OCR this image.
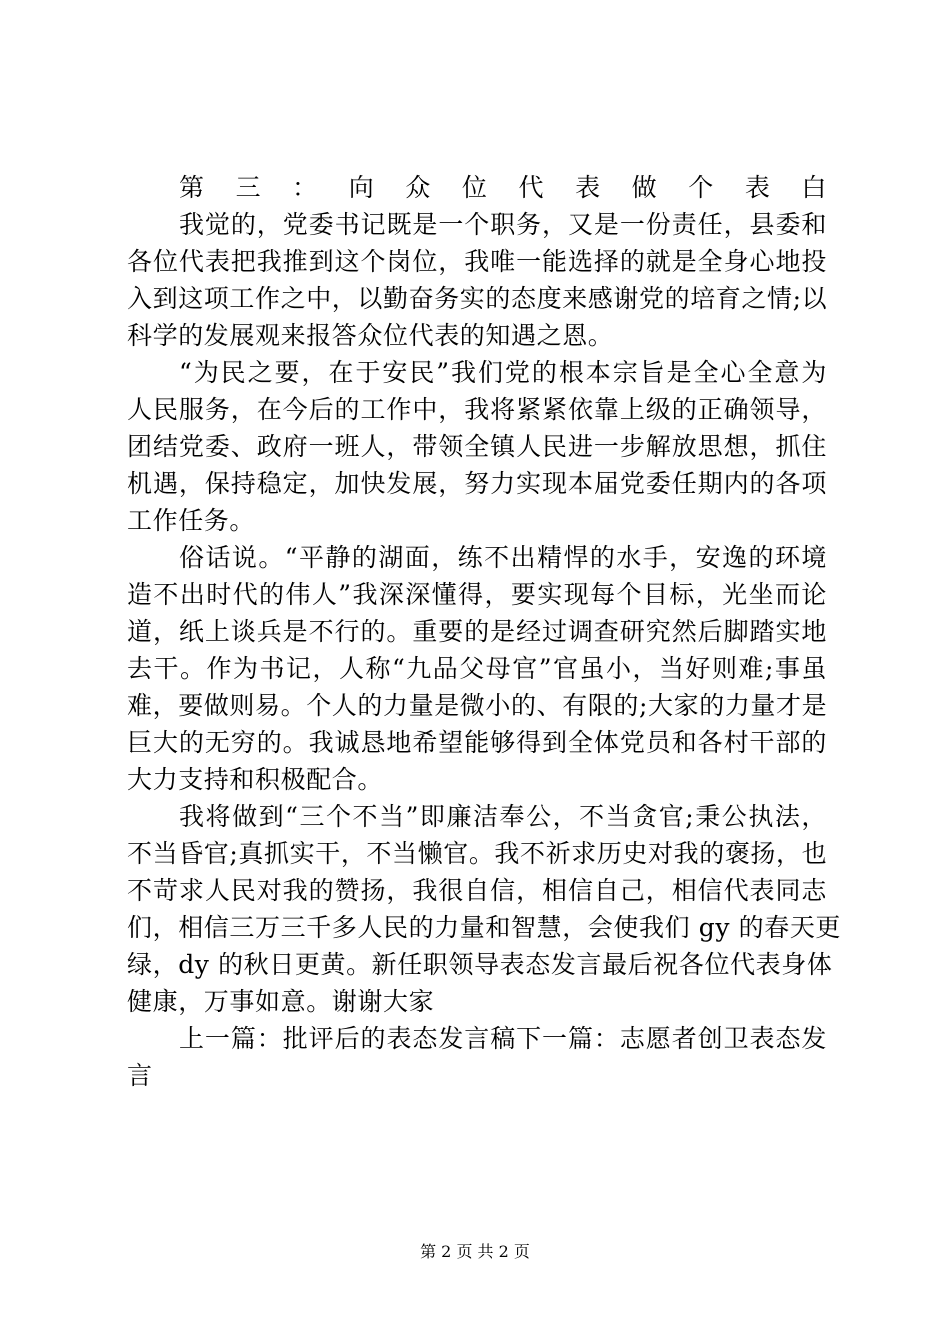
第三：向众位代表做个表白
我觉的，党委书记既是一个职务，又是一份责任，县委和
各位代表把我推到这个岗位，我唯一能选择的就是全身心地投
入到这项工作之中，以勤奋务实的态度来感谢党的培育之情;以
科学的发展观来报答众位代表的知遇之恩。
“为民之要，在于安民”我们党的根本宗旨是全心全意为
人民服务，在今后的工作中，我将紧紧依靠上级的正确领导，
团结党委、政府一班人，带领全镇人民进一步解放思想，抓住
机遇，保持稳定，加快发展，努力实现本届党委任期内的各项
工作任务。
俗话说。“平静的湖面，练不出精悍的水手，安逸的环境
造不出时代的伟人”我深深懂得，要实现每个目标，光坐而论
道，纸上谈兵是不行的。重要的是经过调查研究然后脚踏实地
去干。作为书记，人称“九品父母官”官虽小，当好则难;事虽
难，要做则易。个人的力量是微小的、有限的;大家的力量才是
巨大的无穷的。我诚恳地希望能够得到全体党员和各村干部的
大力支持和积极配合。
我将做到“三个不当”即廉洁奉公，不当贪官;秉公执法，
不当昏官;真抓实干，不当懒官。我不祈求历史对我的褒扬，也
不苛求人民对我的赞扬，我很自信，相信自己，相信代表同志
们，相信三万三千多人民的力量和智慧，会使我们 gy 的春天更
绿，dy 的秋日更黄。新任职领导表态发言最后祝各位代表身体
健康，万事如意。谢谢大家
上一篇：批评后的表态发言稿下一篇：志愿者创卫表态发
言
第 2 页 共 2 页
